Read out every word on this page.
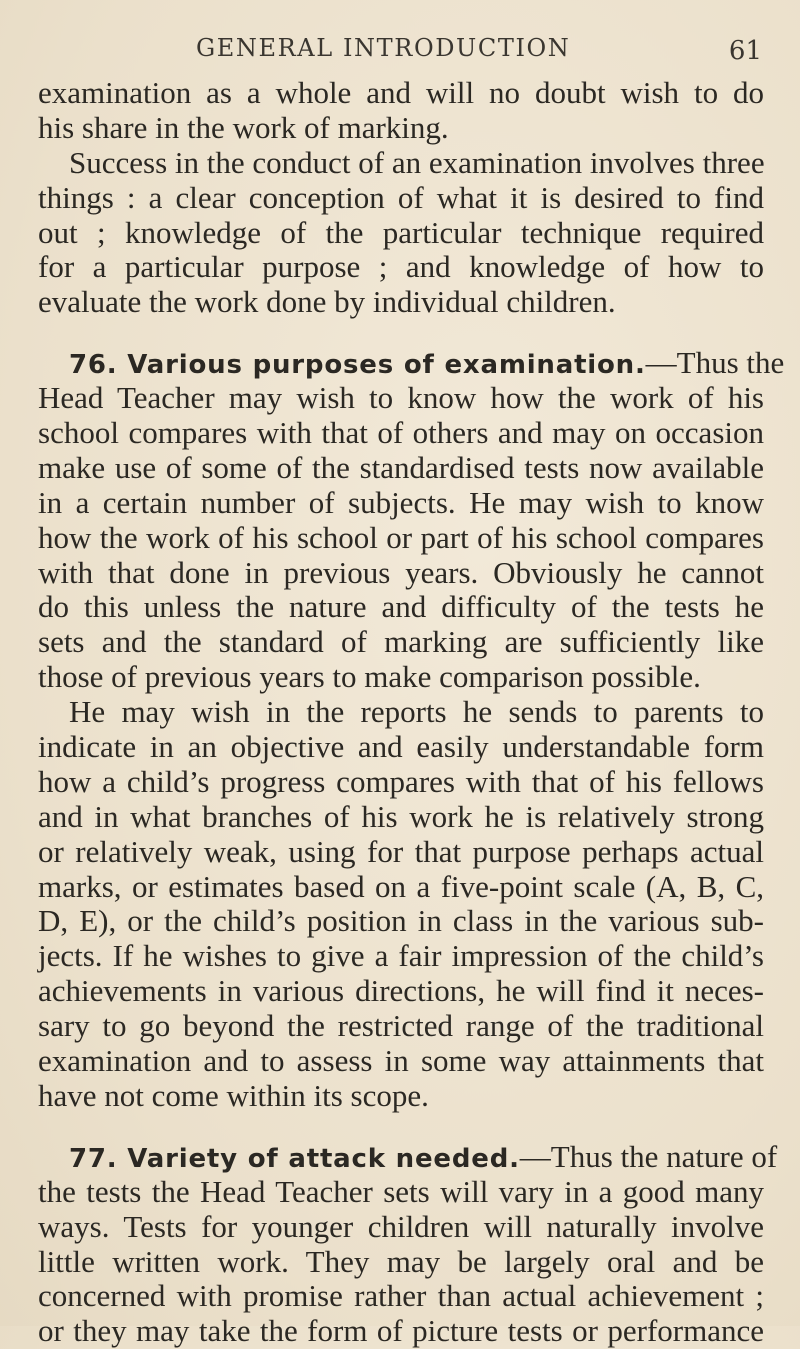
GENERAL INTRODUCTION	61
examination as a whole and will no doubt wish to do
his share in the work of marking.
Success in the conduct of an examination involves three
things : a clear conception of what it is desired to find
out ; knowledge of the particular technique required
for a particular purpose ; and knowledge of how to
evaluate the work done by individual children.
76. Various purposes of examination.—Thus the
Head Teacher may wish to know how the work of his
school compares with that of others and may on occasion
make use of some of the standardised tests now available
in a certain number of subjects. He may wish to know
how the work of his school or part of his school compares
with that done in previous years. Obviously he cannot
do this unless the nature and difficulty of the tests he
sets and the standard of marking are sufficiently like
those of previous years to make comparison possible.
He may wish in the reports he sends to parents to
indicate in an objective and easily understandable form
how a child’s progress compares with that of his fellows
and in what branches of his work he is relatively strong
or relatively weak, using for that purpose perhaps actual
marks, or estimates based on a five-point scale (A, B, C,
D, E), or the child’s position in class in the various sub-
jects. If he wishes to give a fair impression of the child’s
achievements in various directions, he will find it neces-
sary to go beyond the restricted range of the traditional
examination and to assess in some way attainments that
have not come within its scope.
77. Variety of attack needed.—Thus the nature of
the tests the Head Teacher sets will vary in a good many
ways. Tests for younger children will naturally involve
little written work. They may be largely oral and be
concerned with promise rather than actual achievement ;
or they may take the form of picture tests or performance
